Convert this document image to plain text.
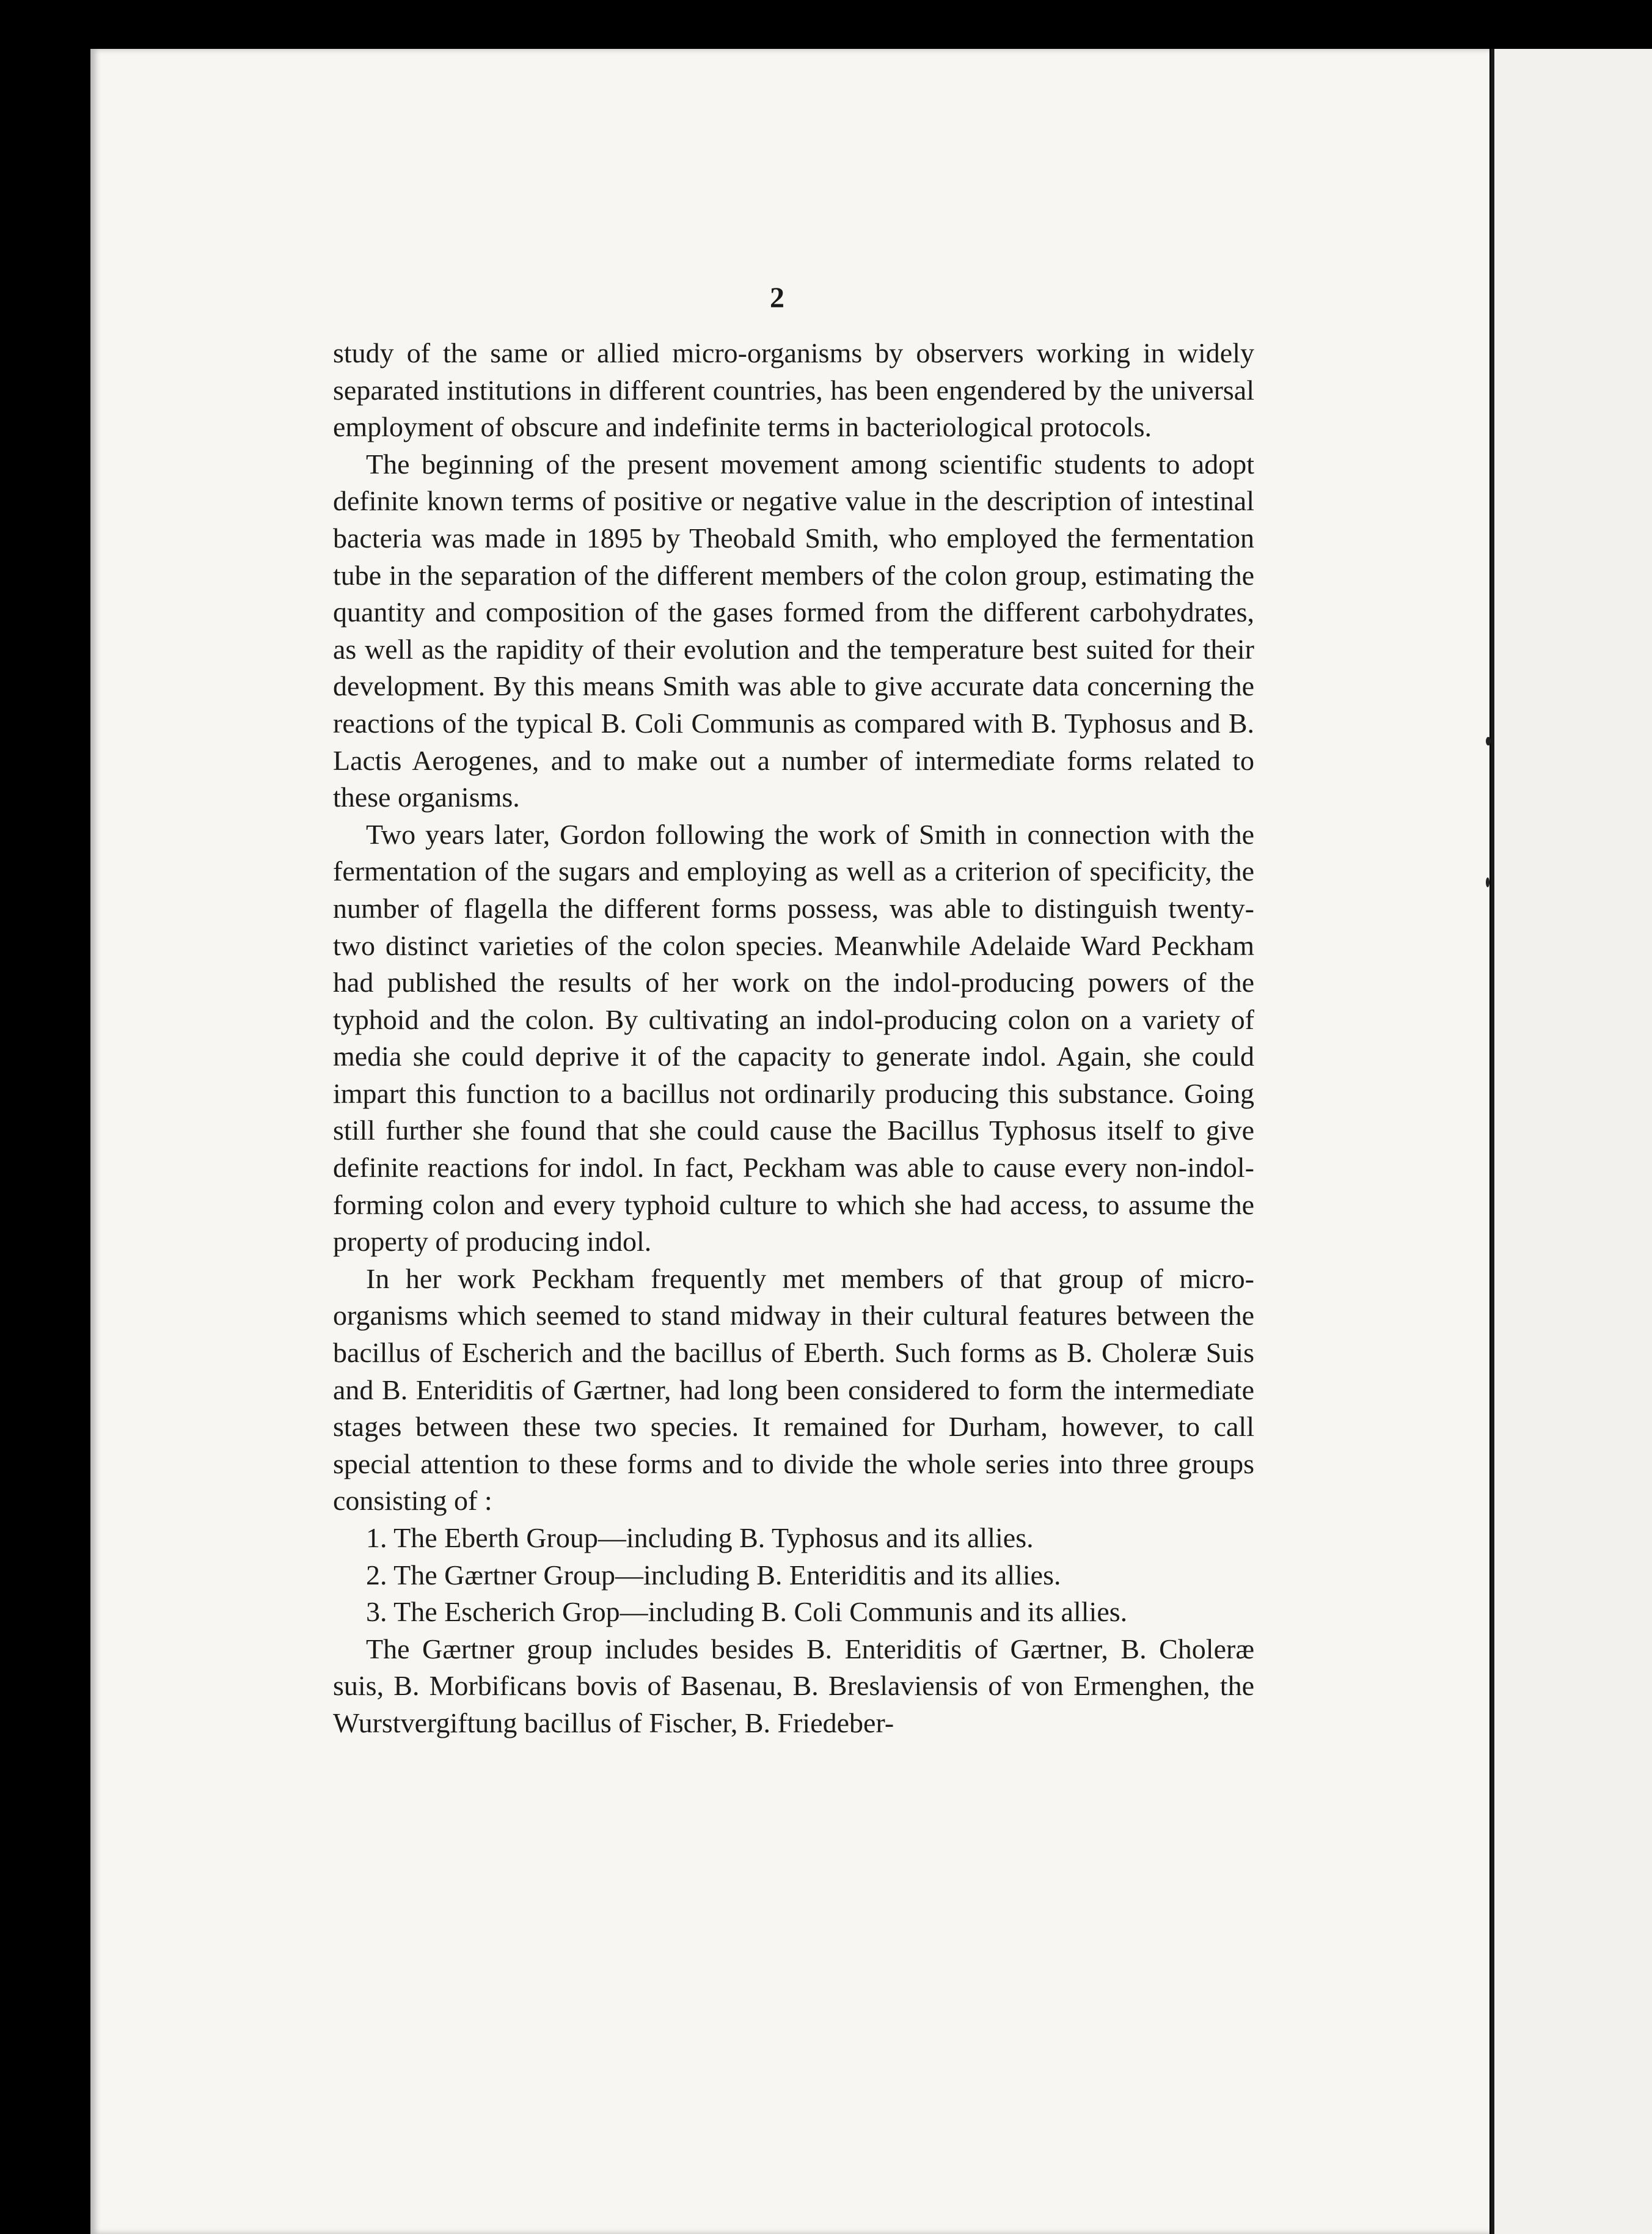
2

study of the same or allied micro-organisms by observers working in widely separated institutions in different countries, has been engendered by the universal employment of obscure and indefinite terms in bacteriological protocols.

The beginning of the present movement among scientific students to adopt definite known terms of positive or negative value in the description of intestinal bacteria was made in 1895 by Theobald Smith, who employed the fermentation tube in the separation of the different members of the colon group, estimating the quantity and composition of the gases formed from the different carbohydrates, as well as the rapidity of their evolution and the temperature best suited for their development. By this means Smith was able to give accurate data concerning the reactions of the typical B. Coli Communis as compared with B. Typhosus and B. Lactis Aerogenes, and to make out a number of intermediate forms related to these organisms.

Two years later, Gordon following the work of Smith in connection with the fermentation of the sugars and employing as well as a criterion of specificity, the number of flagella the different forms possess, was able to distinguish twenty-two distinct varieties of the colon species. Meanwhile Adelaide Ward Peckham had published the results of her work on the indol-producing powers of the typhoid and the colon. By cultivating an indol-producing colon on a variety of media she could deprive it of the capacity to generate indol. Again, she could impart this function to a bacillus not ordinarily producing this substance. Going still further she found that she could cause the Bacillus Typhosus itself to give definite reactions for indol. In fact, Peckham was able to cause every non-indol-forming colon and every typhoid culture to which she had access, to assume the property of producing indol.

In her work Peckham frequently met members of that group of micro-organisms which seemed to stand midway in their cultural features between the bacillus of Escherich and the bacillus of Eberth. Such forms as B. Choleræ Suis and B. Enteriditis of Gærtner, had long been considered to form the intermediate stages between these two species. It remained for Durham, however, to call special attention to these forms and to divide the whole series into three groups consisting of :

1. The Eberth Group—including B. Typhosus and its allies.
2. The Gærtner Group—including B. Enteriditis and its allies.
3. The Escherich Grop—including B. Coli Communis and its allies.

The Gærtner group includes besides B. Enteriditis of Gærtner, B. Choleræ suis, B. Morbificans bovis of Basenau, B. Breslaviensis of von Ermenghen, the Wurstvergiftung bacillus of Fischer, B. Friedeber-
